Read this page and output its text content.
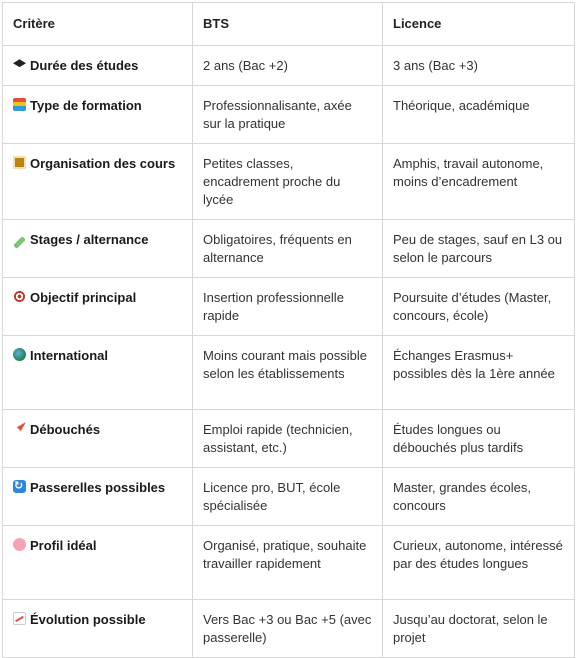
Critère	BTS	Licence
Durée des études	2 ans (Bac +2)	3 ans (Bac +3)
Type de formation	Professionnalisante, axée sur la pratique	Théorique, académique
Organisation des cours	Petites classes, encadrement proche du lycée	Amphis, travail autonome, moins d’encadrement
Stages / alternance	Obligatoires, fréquents en alternance	Peu de stages, sauf en L3 ou selon le parcours
Objectif principal	Insertion professionnelle rapide	Poursuite d’études (Master, concours, école)
International	Moins courant mais possible selon les établissements	Échanges Erasmus+ possibles dès la 1ère année
Débouchés	Emploi rapide (technicien, assistant, etc.)	Études longues ou débouchés plus tardifs
↻Passerelles possibles	Licence pro, BUT, école spécialisée	Master, grandes écoles, concours
Profil idéal	Organisé, pratique, souhaite travailler rapidement	Curieux, autonome, intéressé par des études longues
Évolution possible	Vers Bac +3 ou Bac +5 (avec passerelle)	Jusqu’au doctorat, selon le projet
